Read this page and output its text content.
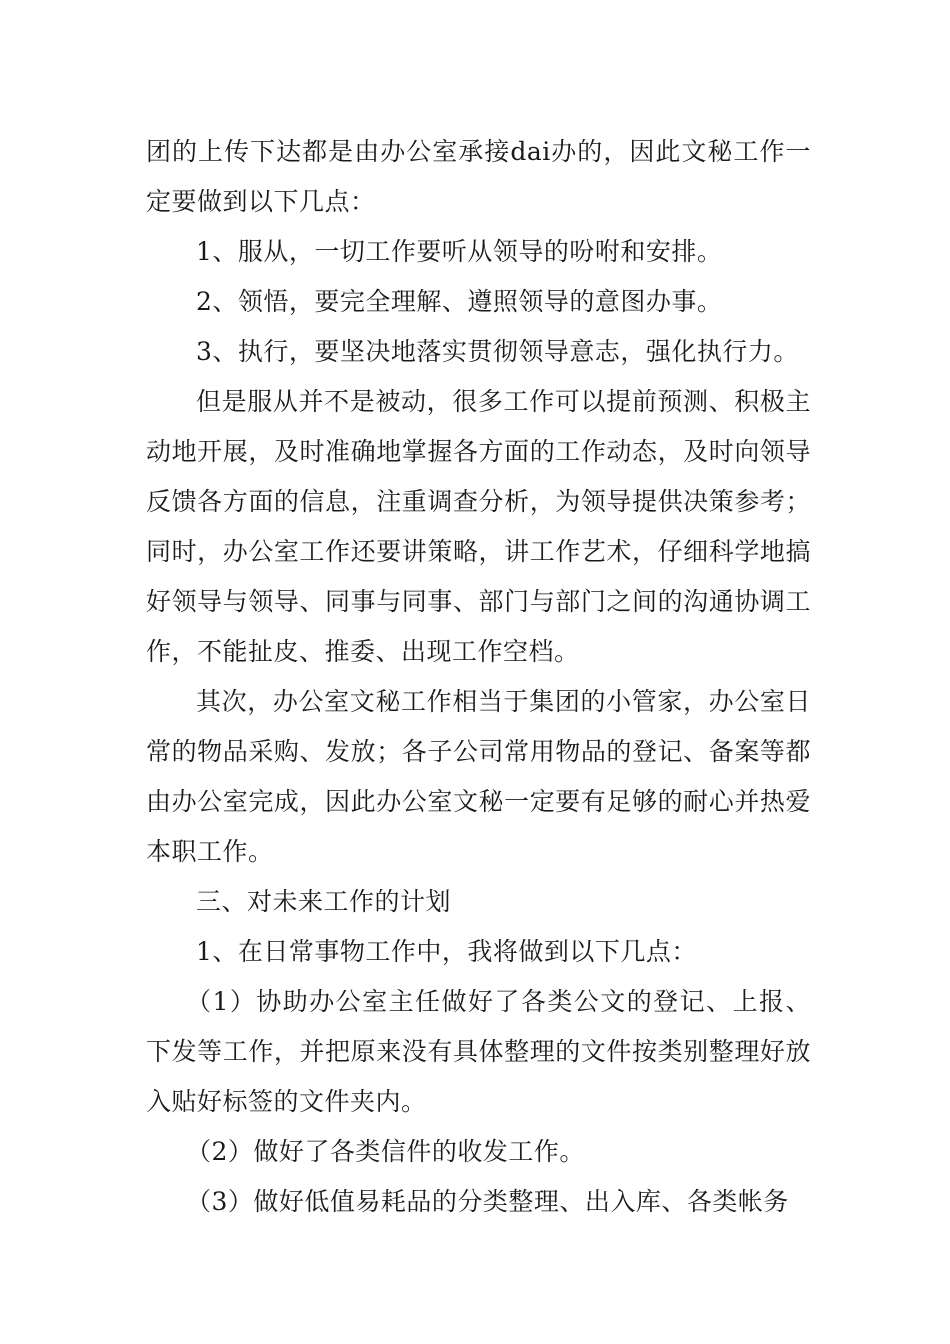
团的上传下达都是由办公室承接dai办的，因此文秘工作一定要做到以下几点：

1、服从，一切工作要听从领导的吩咐和安排。

2、领悟，要完全理解、遵照领导的意图办事。

3、执行，要坚决地落实贯彻领导意志，强化执行力。

但是服从并不是被动，很多工作可以提前预测、积极主动地开展，及时准确地掌握各方面的工作动态，及时向领导反馈各方面的信息，注重调查分析，为领导提供决策参考；同时，办公室工作还要讲策略，讲工作艺术，仔细科学地搞好领导与领导、同事与同事、部门与部门之间的沟通协调工作，不能扯皮、推委、出现工作空档。

其次，办公室文秘工作相当于集团的小管家，办公室日常的物品采购、发放；各子公司常用物品的登记、备案等都由办公室完成，因此办公室文秘一定要有足够的耐心并热爱本职工作。

三、对未来工作的计划

1、在日常事物工作中，我将做到以下几点：

（1）协助办公室主任做好了各类公文的登记、上报、下发等工作，并把原来没有具体整理的文件按类别整理好放入贴好标签的文件夹内。

（2）做好了各类信件的收发工作。

（3）做好低值易耗品的分类整理、出入库、各类帐务
